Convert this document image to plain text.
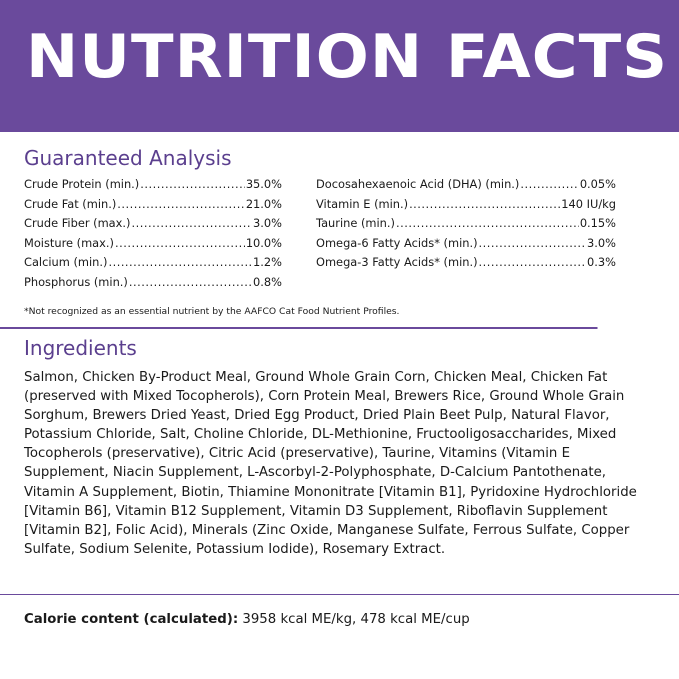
NUTRITION FACTS
Guaranteed Analysis
Crude Protein (min.) .....	35.0%
Crude Fat (min.) .....	21.0%
Crude Fiber (max.) .....	3.0%
Moisture (max.) .....	10.0%
Calcium (min.) .....	1.2%
Phosphorus (min.) .....	0.8%
Docosahexaenoic Acid (DHA) (min.) .....	0.05%
Vitamin E (min.) .....	140 IU/kg
Taurine (min.) .....	0.15%
Omega-6 Fatty Acids* (min.) .....	3.0%
Omega-3 Fatty Acids* (min.) .....	0.3%
*Not recognized as an essential nutrient by the AAFCO Cat Food Nutrient Profiles.
Ingredients
Salmon, Chicken By-Product Meal, Ground Whole Grain Corn, Chicken Meal, Chicken Fat (preserved with Mixed Tocopherols), Corn Protein Meal, Brewers Rice, Ground Whole Grain Sorghum, Brewers Dried Yeast, Dried Egg Product, Dried Plain Beet Pulp, Natural Flavor, Potassium Chloride, Salt, Choline Chloride, DL-Methionine, Fructooligosaccharides, Mixed Tocopherols (preservative), Citric Acid (preservative), Taurine, Vitamins (Vitamin E Supplement, Niacin Supplement, L-Ascorbyl-2-Polyphosphate, D-Calcium Pantothenate, Vitamin A Supplement, Biotin, Thiamine Mononitrate [Vitamin B1], Pyridoxine Hydrochloride [Vitamin B6], Vitamin B12 Supplement, Vitamin D3 Supplement, Riboflavin Supplement [Vitamin B2], Folic Acid), Minerals (Zinc Oxide, Manganese Sulfate, Ferrous Sulfate, Copper Sulfate, Sodium Selenite, Potassium Iodide), Rosemary Extract.
Calorie content (calculated): 3958 kcal ME/kg, 478 kcal ME/cup
